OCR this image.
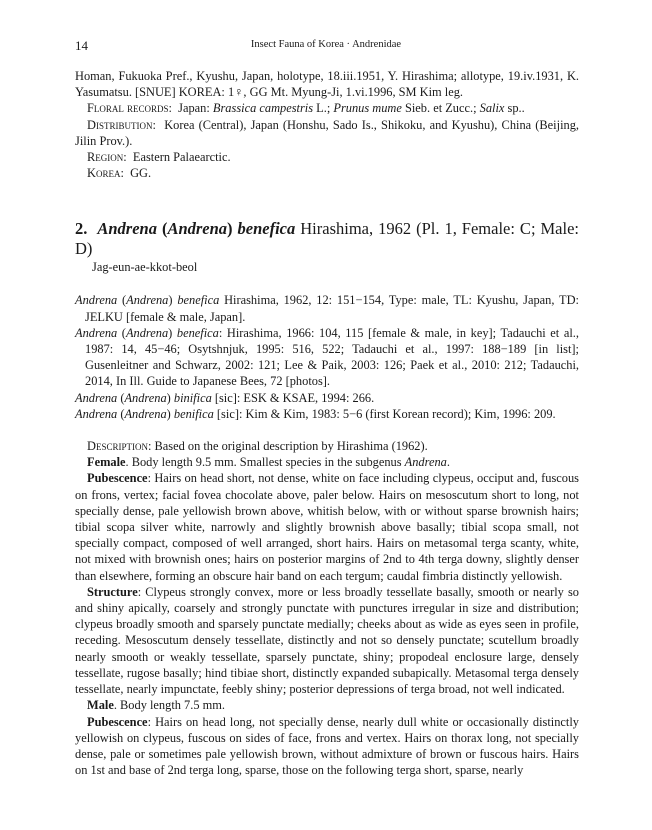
14	Insect Fauna of Korea · Andrenidae

Homan, Fukuoka Pref., Kyushu, Japan, holotype, 18.iii.1951, Y. Hirashima; allotype, 19.iv.1931, K. Yasumatsu. [SNUE] KOREA: 1♀, GG Mt. Myung-Ji, 1.vi.1996, SM Kim leg.

Floral records:  Japan: Brassica campestris L.; Prunus mume Sieb. et Zucc.; Salix sp..

Distribution:  Korea (Central), Japan (Honshu, Sado Is., Shikoku, and Kyushu), China (Beijing, Jilin Prov.).

Region:  Eastern Palaearctic.

Korea:  GG.

2. Andrena (Andrena) benefica Hirashima, 1962 (Pl. 1, Female: C; Male: D)
Jag-eun-ae-kkot-beol

Andrena (Andrena) benefica Hirashima, 1962, 12: 151−154, Type: male, TL: Kyushu, Japan, TD: JELKU [female & male, Japan].

Andrena (Andrena) benefica: Hirashima, 1966: 104, 115 [female & male, in key]; Tadauchi et al., 1987: 14, 45−46; Osytshnjuk, 1995: 516, 522; Tadauchi et al., 1997: 188−189 [in list]; Gusenleitner and Schwarz, 2002: 121; Lee & Paik, 2003: 126; Paek et al., 2010: 212; Tadauchi, 2014, In Ill. Guide to Japanese Bees, 72 [photos].

Andrena (Andrena) binifica [sic]: ESK & KSAE, 1994: 266.

Andrena (Andrena) benifica [sic]: Kim & Kim, 1983: 5−6 (first Korean record); Kim, 1996: 209.

Description: Based on the original description by Hirashima (1962).

Female. Body length 9.5 mm. Smallest species in the subgenus Andrena.

Pubescence: Hairs on head short, not dense, white on face including clypeus, occiput and, fuscous on frons, vertex; facial fovea chocolate above, paler below. Hairs on mesoscutum short to long, not specially dense, pale yellowish brown above, whitish below, with or without sparse brownish hairs; tibial scopa silver white, narrowly and slightly brownish above basally; tibial scopa small, not specially compact, composed of well arranged, short hairs. Hairs on metasomal terga scanty, white, not mixed with brownish ones; hairs on posterior margins of 2nd to 4th terga downy, slightly denser than elsewhere, forming an obscure hair band on each tergum; caudal fimbria distinctly yellowish.

Structure: Clypeus strongly convex, more or less broadly tessellate basally, smooth or nearly so and shiny apically, coarsely and strongly punctate with punctures irregular in size and distribution; clypeus broadly smooth and sparsely punctate medially; cheeks about as wide as eyes seen in profile, receding. Mesoscutum densely tessellate, distinctly and not so densely punctate; scutellum broadly nearly smooth or weakly tessellate, sparsely punctate, shiny; propodeal enclosure large, densely tessellate, rugose basally; hind tibiae short, distinctly expanded subapically. Metasomal terga densely tessellate, nearly impunctate, feebly shiny; posterior depressions of terga broad, not well indicated.

Male. Body length 7.5 mm.

Pubescence: Hairs on head long, not specially dense, nearly dull white or occasionally distinctly yellowish on clypeus, fuscous on sides of face, frons and vertex. Hairs on thorax long, not specially dense, pale or sometimes pale yellowish brown, without admixture of brown or fuscous hairs. Hairs on 1st and base of 2nd terga long, sparse, those on the following terga short, sparse, nearly
